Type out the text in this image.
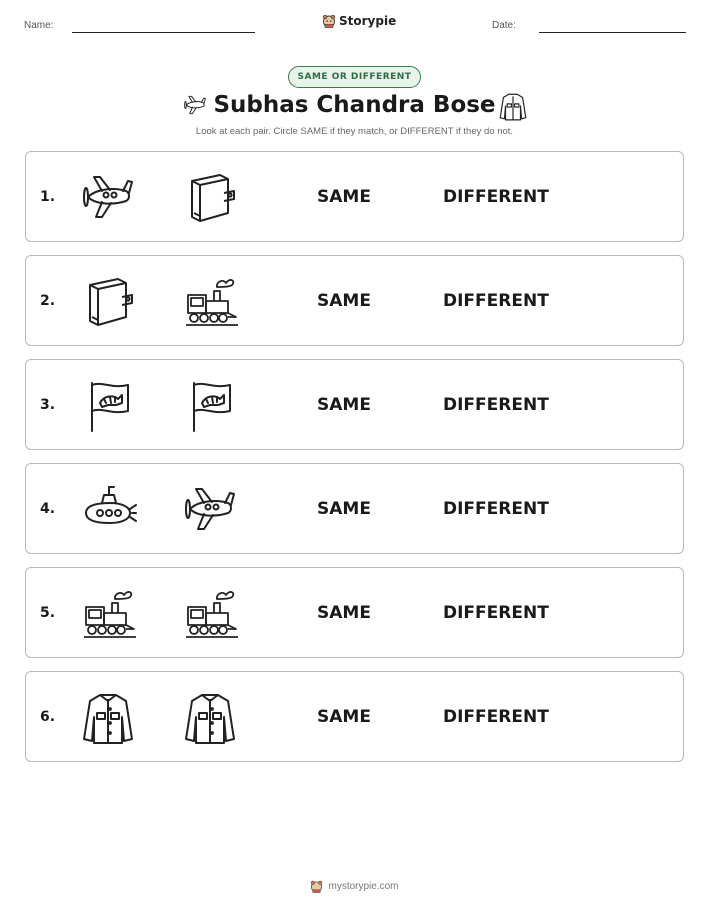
Name:	Storypie	Date:
SAME OR DIFFERENT
Subhas Chandra Bose
Look at each pair. Circle SAME if they match, or DIFFERENT if they do not.
1.	SAME	DIFFERENT
2.	SAME	DIFFERENT
3.	SAME	DIFFERENT
4.	SAME	DIFFERENT
5.	SAME	DIFFERENT
6.	SAME	DIFFERENT
mystorypie.com
